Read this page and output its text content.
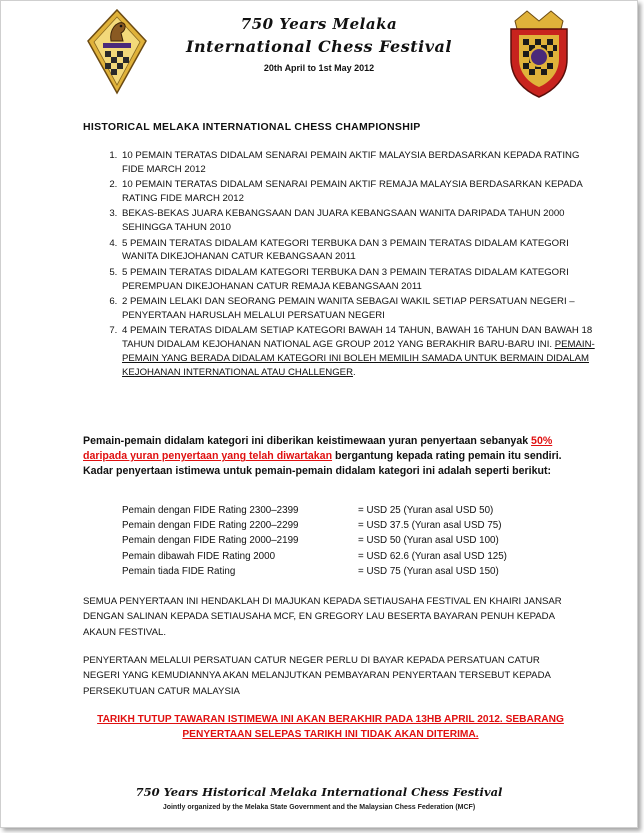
750 Years Melaka
International Chess Festival
20th April to 1st May 2012
HISTORICAL MELAKA INTERNATIONAL CHESS CHAMPIONSHIP
1. 10 PEMAIN TERATAS DIDALAM SENARAI PEMAIN AKTIF MALAYSIA BERDASARKAN KEPADA RATING FIDE MARCH 2012
2. 10 PEMAIN TERATAS DIDALAM SENARAI PEMAIN AKTIF REMAJA MALAYSIA BERDASARKAN KEPADA RATING FIDE MARCH 2012
3. BEKAS-BEKAS JUARA KEBANGSAAN DAN JUARA KEBANGSAAN WANITA DARIPADA TAHUN 2000 SEHINGGA TAHUN 2010
4. 5 PEMAIN TERATAS DIDALAM KATEGORI TERBUKA DAN 3 PEMAIN TERATAS DIDALAM KATEGORI WANITA DIKEJOHANAN CATUR KEBANGSAAN 2011
5. 5 PEMAIN TERATAS DIDALAM KATEGORI TERBUKA DAN 3 PEMAIN TERATAS DIDALAM KATEGORI PEREMPUAN DIKEJOHANAN CATUR REMAJA KEBANGSAAN 2011
6. 2 PEMAIN LELAKI DAN SEORANG PEMAIN WANITA SEBAGAI WAKIL SETIAP PERSATUAN NEGERI – PENYERTAAN HARUSLAH MELALUI PERSATUAN NEGERI
7. 4 PEMAIN TERATAS DIDALAM SETIAP KATEGORI BAWAH 14 TAHUN, BAWAH 16 TAHUN DAN BAWAH 18 TAHUN DIDALAM KEJOHANAN NATIONAL AGE GROUP 2012 YANG BERAKHIR BARU-BARU INI. PEMAIN-PEMAIN YANG BERADA DIDALAM KATEGORI INI BOLEH MEMILIH SAMADA UNTUK BERMAIN DIDALAM KEJOHANAN INTERNATIONAL ATAU CHALLENGER.
Pemain-pemain didalam kategori ini diberikan keistimewaan yuran penyertaan sebanyak 50% daripada yuran penyertaan yang telah diwartakan bergantung kepada rating pemain itu sendiri. Kadar penyertaan istimewa untuk pemain-pemain didalam kategori ini adalah seperti berikut:
Pemain dengan FIDE Rating 2300–2399	= USD 25 (Yuran asal USD 50)
Pemain dengan FIDE Rating 2200–2299	= USD 37.5 (Yuran asal USD 75)
Pemain dengan FIDE Rating 2000–2199	= USD 50 (Yuran asal USD 100)
Pemain dibawah FIDE Rating 2000	= USD 62.6 (Yuran asal USD 125)
Pemain tiada FIDE Rating	= USD 75 (Yuran asal USD 150)
SEMUA PENYERTAAN INI HENDAKLAH DI MAJUKAN KEPADA SETIAUSAHA FESTIVAL EN KHAIRI JANSAR DENGAN SALINAN KEPADA SETIAUSAHA MCF, EN GREGORY LAU BESERTA BAYARAN PENUH KEPADA AKAUN FESTIVAL.
PENYERTAAN MELALUI PERSATUAN CATUR NEGER PERLU DI BAYAR KEPADA PERSATUAN CATUR NEGERI YANG KEMUDIANNYA AKAN MELANJUTKAN PEMBAYARAN PENYERTAAN TERSEBUT KEPADA PERSEKUTUAN CATUR MALAYSIA
TARIKH TUTUP TAWARAN ISTIMEWA INI AKAN BERAKHIR PADA 13HB APRIL 2012. SEBARANG PENYERTAAN SELEPAS TARIKH INI TIDAK AKAN DITERIMA.
750 Years Historical Melaka International Chess Festival
Jointly organized by the Melaka State Government and the Malaysian Chess Federation (MCF)
